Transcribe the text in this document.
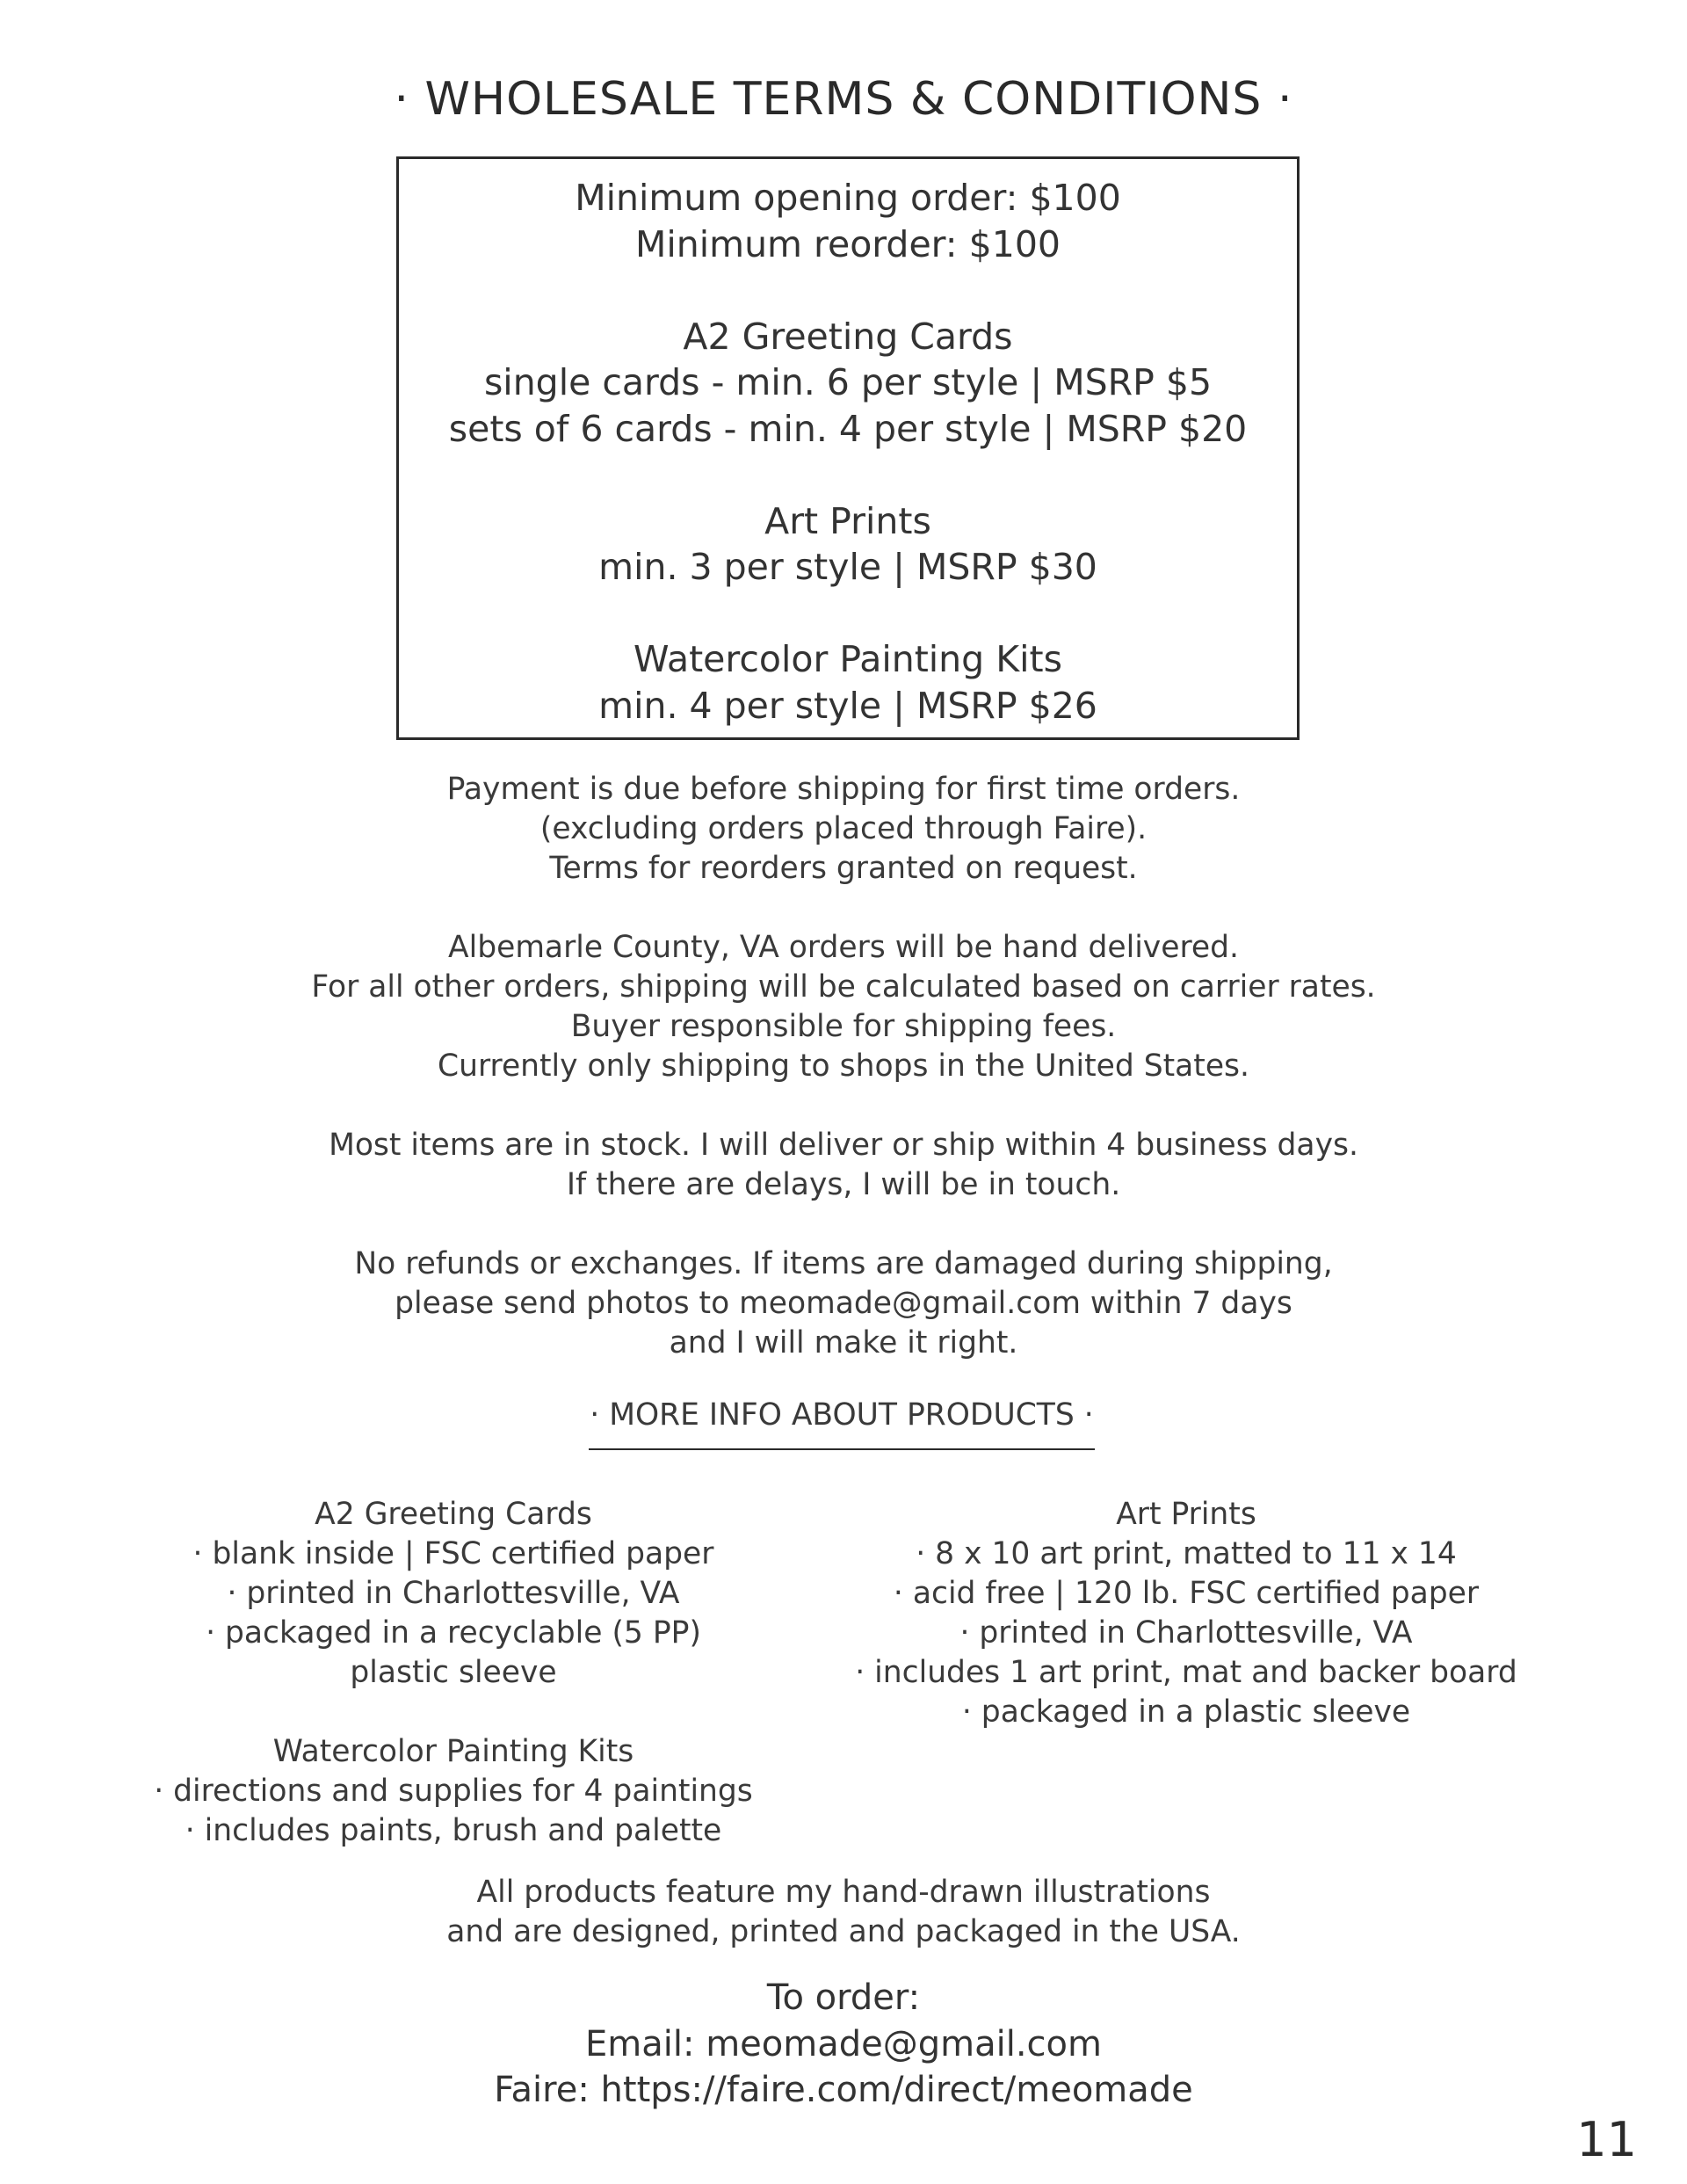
· WHOLESALE TERMS & CONDITIONS ·
Minimum opening order: $100
Minimum reorder: $100
A2 Greeting Cards
single cards - min. 6 per style | MSRP $5
sets of 6 cards - min. 4 per style | MSRP $20
Art Prints
min. 3 per style | MSRP $30
Watercolor Painting Kits
min. 4 per style | MSRP $26
Payment is due before shipping for first time orders.
(excluding orders placed through Faire).
Terms for reorders granted on request.
Albemarle County, VA orders will be hand delivered.
For all other orders, shipping will be calculated based on carrier rates.
Buyer responsible for shipping fees.
Currently only shipping to shops in the United States.
Most items are in stock. I will deliver or ship within 4 business days.
If there are delays, I will be in touch.
No refunds or exchanges. If items are damaged during shipping,
please send photos to meomade@gmail.com within 7 days
and I will make it right.
· MORE INFO ABOUT PRODUCTS ·
A2 Greeting Cards
· blank inside | FSC certified paper
· printed in Charlottesville, VA
· packaged in a recyclable (5 PP)
plastic sleeve
Watercolor Painting Kits
· directions and supplies for 4 paintings
· includes paints, brush and palette
Art Prints
· 8 x 10 art print, matted to 11 x 14
· acid free | 120 lb. FSC certified paper
· printed in Charlottesville, VA
· includes 1 art print, mat and backer board
· packaged in a plastic sleeve
All products feature my hand-drawn illustrations
and are designed, printed and packaged in the USA.
To order:
Email: meomade@gmail.com
Faire: https://faire.com/direct/meomade
11
